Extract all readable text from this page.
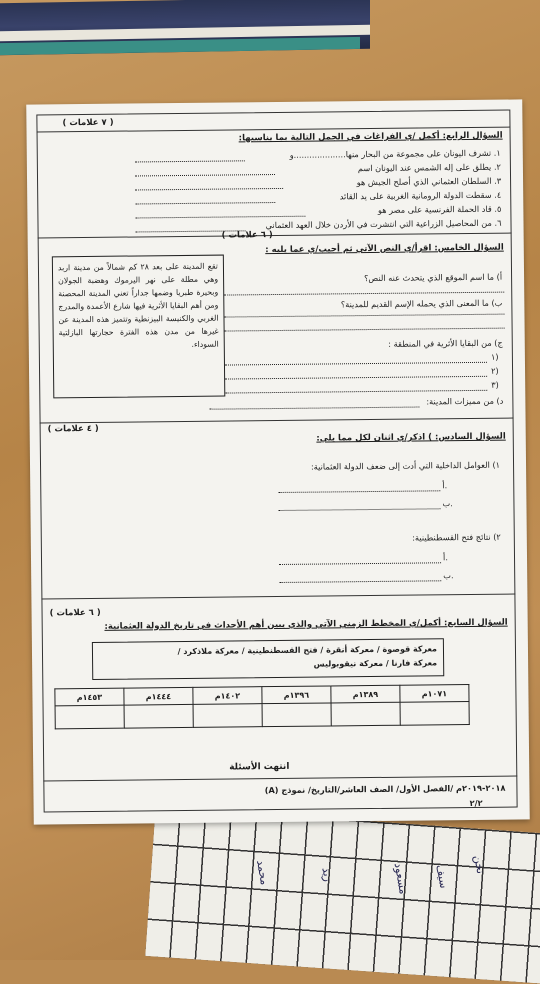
نحن
سيف
مسعود
زيد
محمد
( ٧ علامات )
السؤال الرابع: أكمل /ي الفراغات في الجمل التالية بما يناسبها:
١. تشرف اليونان على مجموعة من البحار منها....................و
٢. يطلق على إله الشمس عند اليونان اسم
٣. السلطان العثماني الذي أصلح الجيش هو
٤. سقطت الدولة الرومانية الغربية على يد القائد
٥. قاد الحملة الفرنسية على مصر هو
٦. من المحاصيل الزراعية التي انتشرت في الأردن خلال العهد العثماني
( ٦ علامات )
السؤال الخامس: اقرأ/ي النص الآتي ثم أجيب/ي عما يليه :
تقع المدينة على بعد ٢٨ كم شمالاً من مدينة اربد وهي مطلة على نهر اليرموك وهضبة الجولان وبحيرة طبريا وضمها جداراً تعني المدينة المحصنة ومن أهم البقايا الأثرية فيها شارع الأعمدة والمدرج الغربي والكنيسة البيزنطية وتتميز هذه المدينة عن غيرها من مدن هذه الفترة حجارتها البازلتية السوداء.
أ) ما اسم الموقع الذي يتحدث عنه النص؟
ب) ما المعنى الذي يحمله الإسم القديم للمدينة؟
ج) من البقايا الأثرية في المنطقة :
١)
٢)
٣)
د) من مميزات المدينة:
( ٤ علامات )
السؤال السادس: ) اذكر/ي اثنان لكل مما يلي:
١) العوامل الداخلية التي أدت إلى ضعف الدولة العثمانية:
أ.
ب.
٢) نتائج فتح القسطنطينية:
أ.
ب.
( ٦ علامات )
السؤال السابع: أكمل/ي المخطط الزمني الآتي والذي يبين أهم الأحداث في تاريخ الدولة العثمانية:
معركة قوصوة / معركة أنقرة / فتح القسطنطينية / معركة ملاذكرد /
معركة فارنا / معركة نيقوبوليس
١٠٧١م	١٣٨٩م	١٣٩٦م	١٤٠٢م	١٤٤٤م	١٤٥٣م

انتهت الأسئلة
٢٠١٨-٢٠١٩م /الفصل الأول/ الصف العاشر/التاريخ/ نموذج (A)
٢/٢
